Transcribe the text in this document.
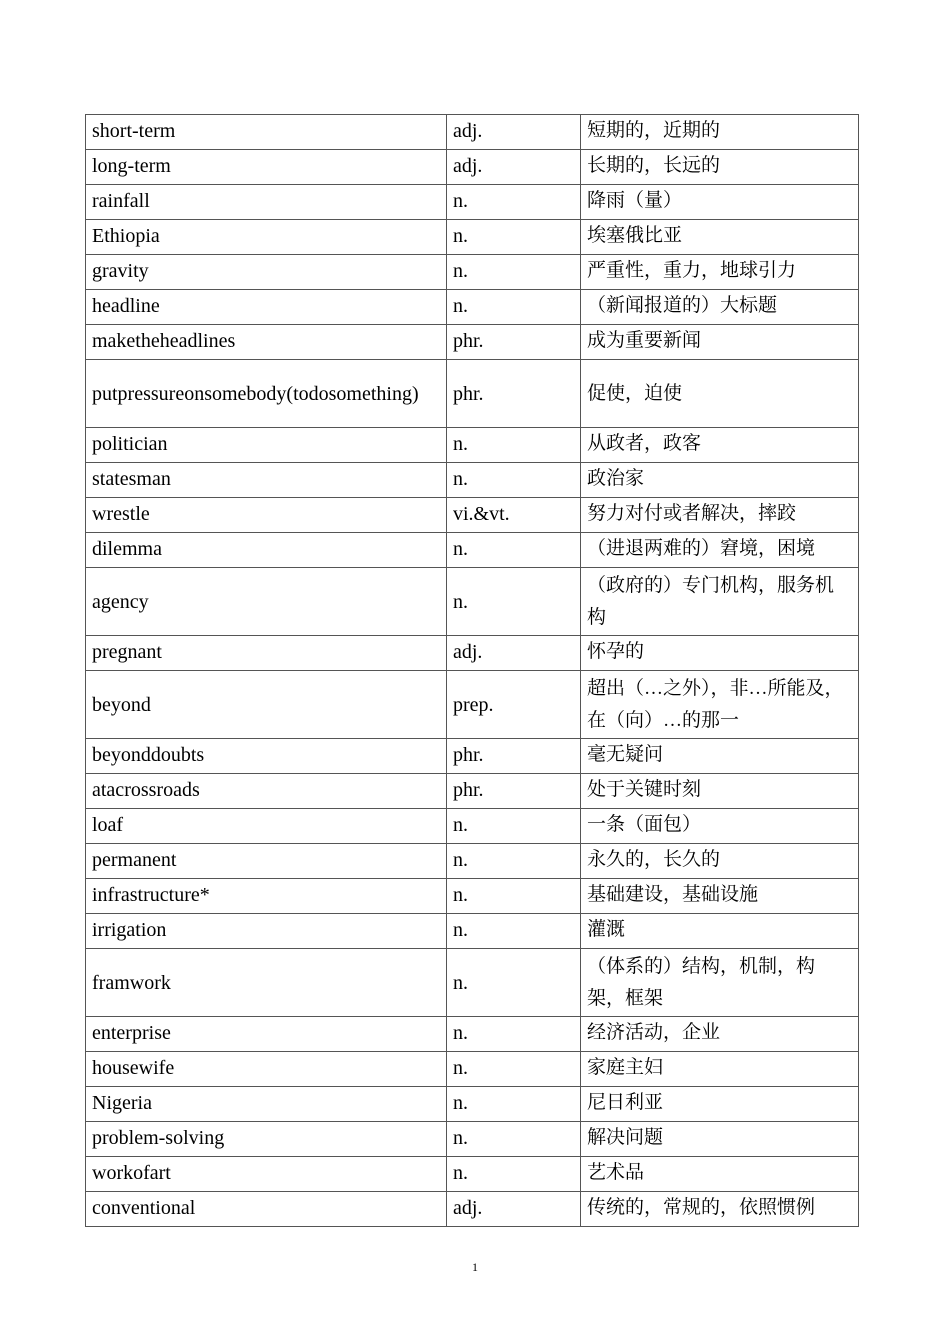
short-term	adj.	短期的，近期的
long-term	adj.	长期的，长远的
rainfall	n.	降雨（量）
Ethiopia	n.	埃塞俄比亚
gravity	n.	严重性，重力，地球引力
headline	n.	（新闻报道的）大标题
maketheheadlines	phr.	成为重要新闻
putpressureonsomebody(todosomething)	phr.	促使，迫使
politician	n.	从政者，政客
statesman	n.	政治家
wrestle	vi.&vt.	努力对付或者解决，摔跤
dilemma	n.	（进退两难的）窘境，困境

agency	n.	（政府的）专门机构，服务机构
pregnant	adj.	怀孕的
beyond	prep.	超出（…之外），非…所能及，在（向）…的那一

beyonddoubts	phr.	毫无疑问
atacrossroads	phr.	处于关键时刻
loaf	n.	一条（面包）
permanent	n.	永久的，长久的
infrastructure*	n.	基础建设，基础设施
irrigation	n.	灌溉
framwork	n.	（体系的）结构，机制，构架，框架
enterprise	n.	经济活动，企业
housewife	n.	家庭主妇
Nigeria	n.	尼日利亚
problem-solving	n.	解决问题
workofart	n.	艺术品
conventional	adj.	传统的，常规的，依照惯例
1
